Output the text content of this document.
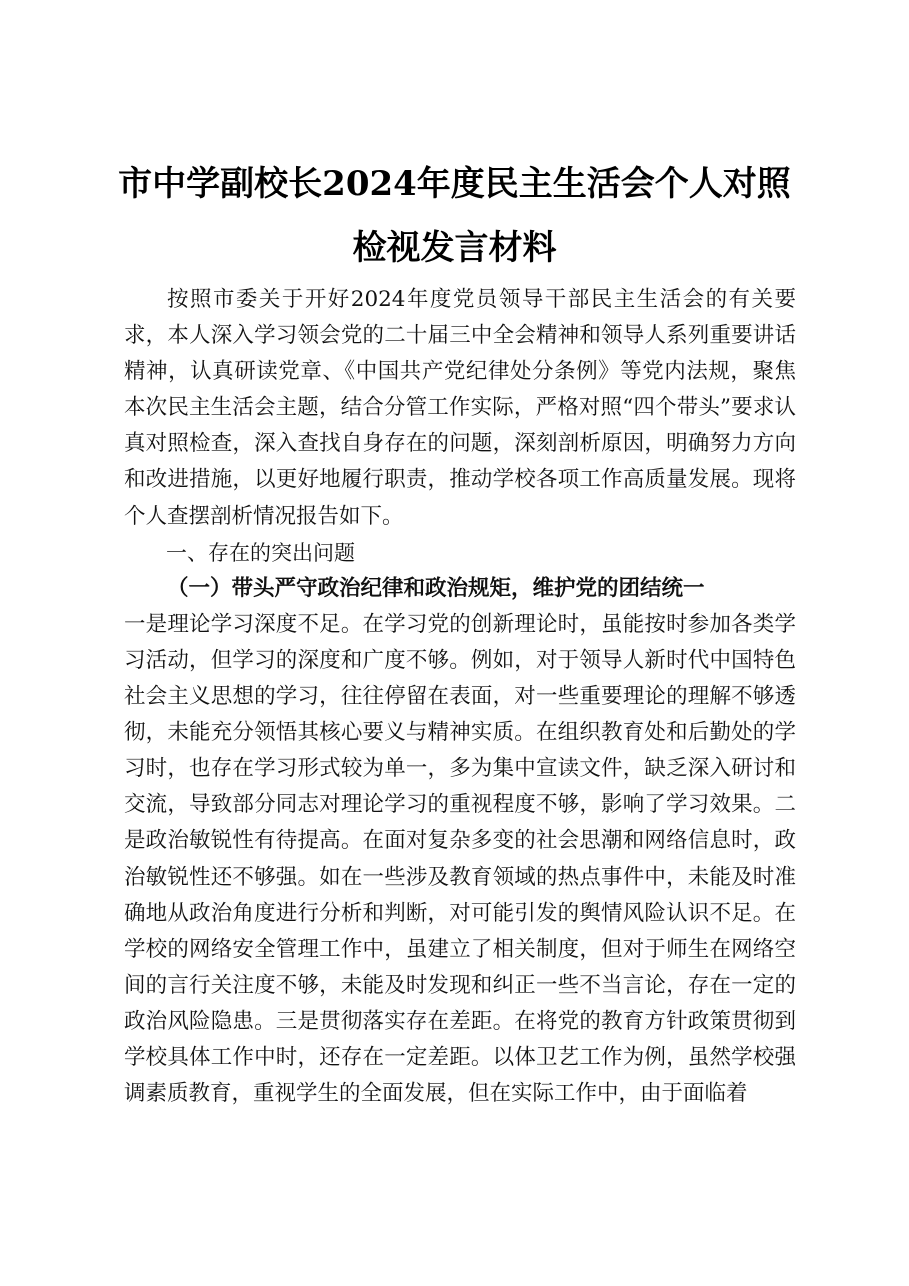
市中学副校长2024年度民主生活会个人对照
检视发言材料

按照市委关于开好2024年度党员领导干部民主生活会的有关要求，本人深入学习领会党的二十届三中全会精神和领导人系列重要讲话精神，认真研读党章、《中国共产党纪律处分条例》等党内法规，聚焦本次民主生活会主题，结合分管工作实际，严格对照“四个带头”要求认真对照检查，深入查找自身存在的问题，深刻剖析原因，明确努力方向和改进措施，以更好地履行职责，推动学校各项工作高质量发展。现将个人查摆剖析情况报告如下。

一、存在的突出问题

（一）带头严守政治纪律和政治规矩，维护党的团结统一

一是理论学习深度不足。在学习党的创新理论时，虽能按时参加各类学习活动，但学习的深度和广度不够。例如，对于领导人新时代中国特色社会主义思想的学习，往往停留在表面，对一些重要理论的理解不够透彻，未能充分领悟其核心要义与精神实质。在组织教育处和后勤处的学习时，也存在学习形式较为单一，多为集中宣读文件，缺乏深入研讨和交流，导致部分同志对理论学习的重视程度不够，影响了学习效果。二是政治敏锐性有待提高。在面对复杂多变的社会思潮和网络信息时，政治敏锐性还不够强。如在一些涉及教育领域的热点事件中，未能及时准确地从政治角度进行分析和判断，对可能引发的舆情风险认识不足。在学校的网络安全管理工作中，虽建立了相关制度，但对于师生在网络空间的言行关注度不够，未能及时发现和纠正一些不当言论，存在一定的政治风险隐患。三是贯彻落实存在差距。在将党的教育方针政策贯彻到学校具体工作中时，还存在一定差距。以体卫艺工作为例，虽然学校强调素质教育，重视学生的全面发展，但在实际工作中，由于面临着
